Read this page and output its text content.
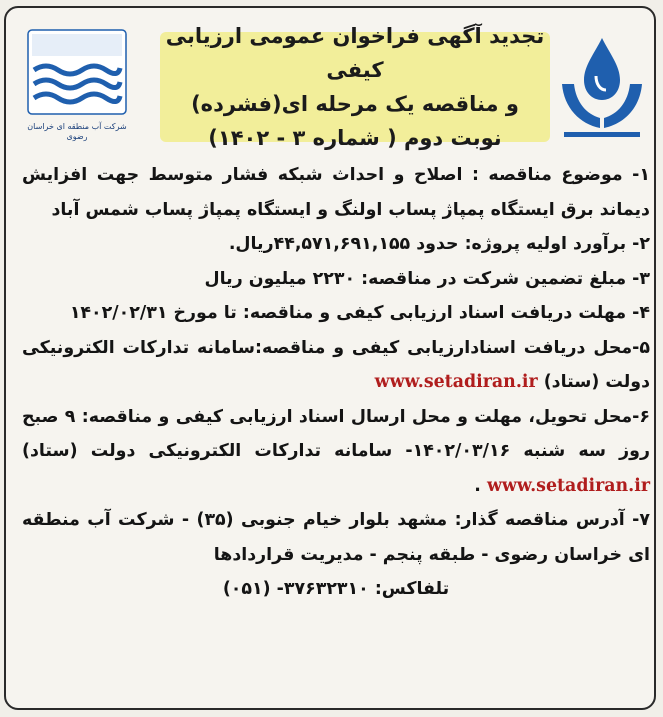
شرکت آب منطقه ای خراسان رضوی
تجدید آگهی فراخوان عمومی ارزیابی کیفی
و مناقصه یک مرحله ای(فشرده)
نوبت دوم ( شماره ۳ - ۱۴۰۲)

۱- موضوع مناقصه : اصلاح و احداث شبکه فشار متوسط جهت افزایش دیماند برق ایستگاه پمپاژ پساب اولنگ و ایستگاه پمپاژ پساب شمس آباد

۲- برآورد اولیه پروژه: حدود ۴۴,۵۷۱,۶۹۱,۱۵۵ریال.

۳- مبلغ تضمین شرکت در مناقصه: ۲۲۳۰ میلیون ریال

۴- مهلت دریافت اسناد ارزیابی کیفی و مناقصه: تا مورخ ۱۴۰۲/۰۲/۳۱

۵-محل دریافت اسنادارزیابی کیفی و مناقصه:سامانه تدارکات الکترونیکی دولت (ستاد) www.setadiran.ir

۶-محل تحویل، مهلت و محل ارسال اسناد ارزیابی کیفی و مناقصه: ۹ صبح روز سه شنبه ۱۴۰۲/۰۳/۱۶- سامانه تدارکات الکترونیکی دولت (ستاد) www.setadiran.ir .

۷- آدرس مناقصه گذار: مشهد بلوار خیام جنوبی (۳۵) - شرکت آب منطقه ای خراسان رضوی - طبقه پنجم - مدیریت قراردادها

تلفاکس: ۳۷۶۳۲۳۱۰- (۰۵۱)
